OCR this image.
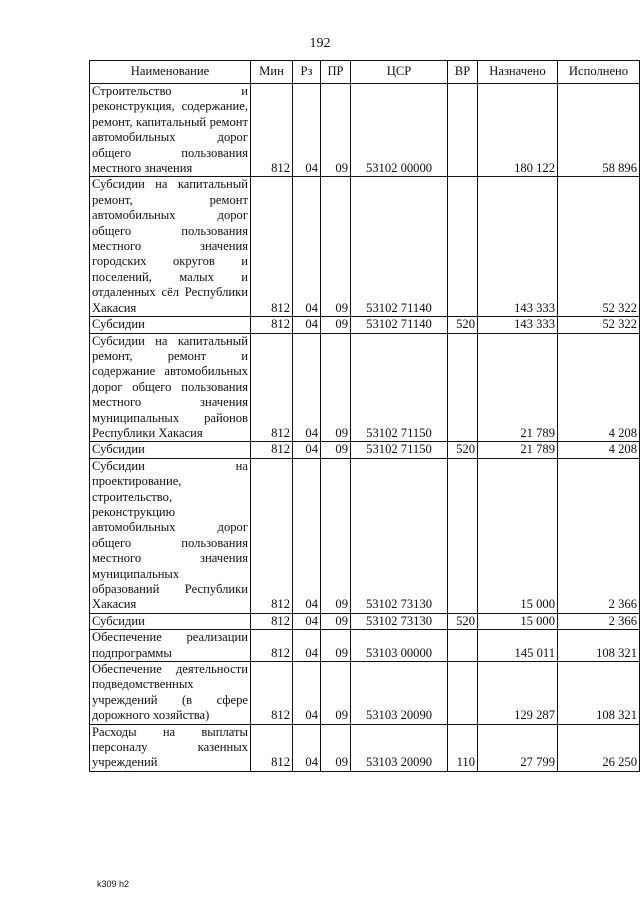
192
Наименование	Мин	Рз	ПР	ЦСР	ВР	Назначено	Исполнено
Строительство и реконструкция, содержание, ремонт, капитальный ремонт автомобильных дорог общего пользования местного значения	812	04	09	53102 00000		180 122	58 896
Субсидии на капитальный ремонт, ремонт автомобильных дорог общего пользования местного значения городских округов и поселений, малых и отдаленных сёл Республики Хакасия	812	04	09	53102 71140		143 333	52 322
Субсидии	812	04	09	53102 71140	520	143 333	52 322
Субсидии на капитальный ремонт, ремонт и содержание автомобильных дорог общего пользования местного значения муниципальных районов Республики Хакасия	812	04	09	53102 71150		21 789	4 208
Субсидии	812	04	09	53102 71150	520	21 789	4 208
Субсидии на проектирование, строительство, реконструкцию автомобильных дорог общего пользования местного значения муниципальных образований Республики Хакасия	812	04	09	53102 73130		15 000	2 366
Субсидии	812	04	09	53102 73130	520	15 000	2 366
Обеспечение реализации подпрограммы	812	04	09	53103 00000		145 011	108 321
Обеспечение деятельности подведомственных учреждений (в сфере дорожного хозяйства)	812	04	09	53103 20090		129 287	108 321
Расходы на выплаты персоналу казенных учреждений	812	04	09	53103 20090	110	27 799	26 250
k309 h2
